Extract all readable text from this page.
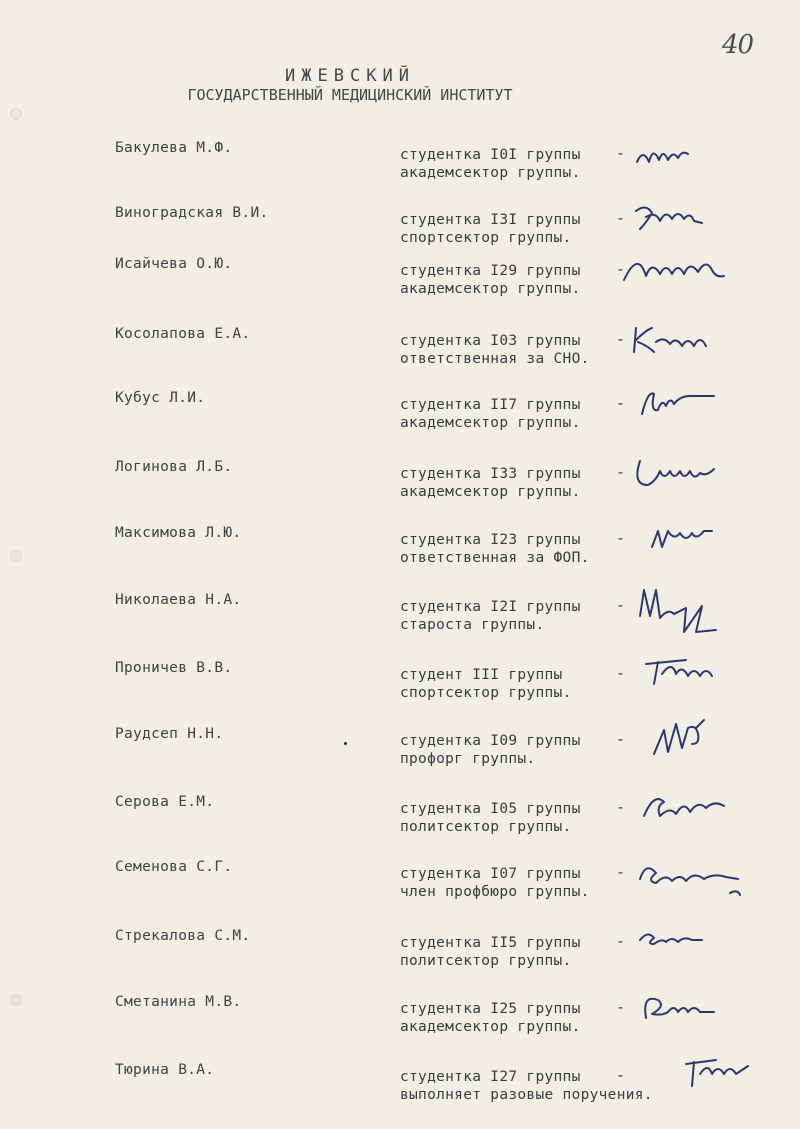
40
ИЖЕВСКИЙ
ГОСУДАРСТВЕННЫЙ МЕДИЦИНСКИЙ ИНСТИТУТ
Бакулева М.Ф.	студентка I0I группы
академсектор группы.
-
Виноградская В.И.	студентка I3I группы
спортсектор группы.
-
Исайчева О.Ю.	студентка I29 группы
академсектор группы.
-
Косолапова Е.А.	студентка I03 группы
ответственная за СНО.
-
Кубус Л.И.	студентка II7 группы
академсектор группы.
-
Логинова Л.Б.	студентка I33 группы
академсектор группы.
-
Максимова Л.Ю.	студентка I23 группы
ответственная за ФОП.
-
Николаева Н.А.	студентка I2I группы
староста группы.
-
Проничев В.В.	студент III группы
спортсектор группы.
-
Раудсеп Н.Н.	студентка I09 группы
профорг группы.
-
Серова Е.М.	студентка I05 группы
политсектор группы.
-
Семенова С.Г.	студентка I07 группы
член профбюро группы.
-
Стрекалова С.М.	студентка II5 группы
политсектор группы.
-
Сметанина М.В.	студентка I25 группы
академсектор группы.
-
Тюрина В.А.	студентка I27 группы
выполняет разовые поручения.
-
